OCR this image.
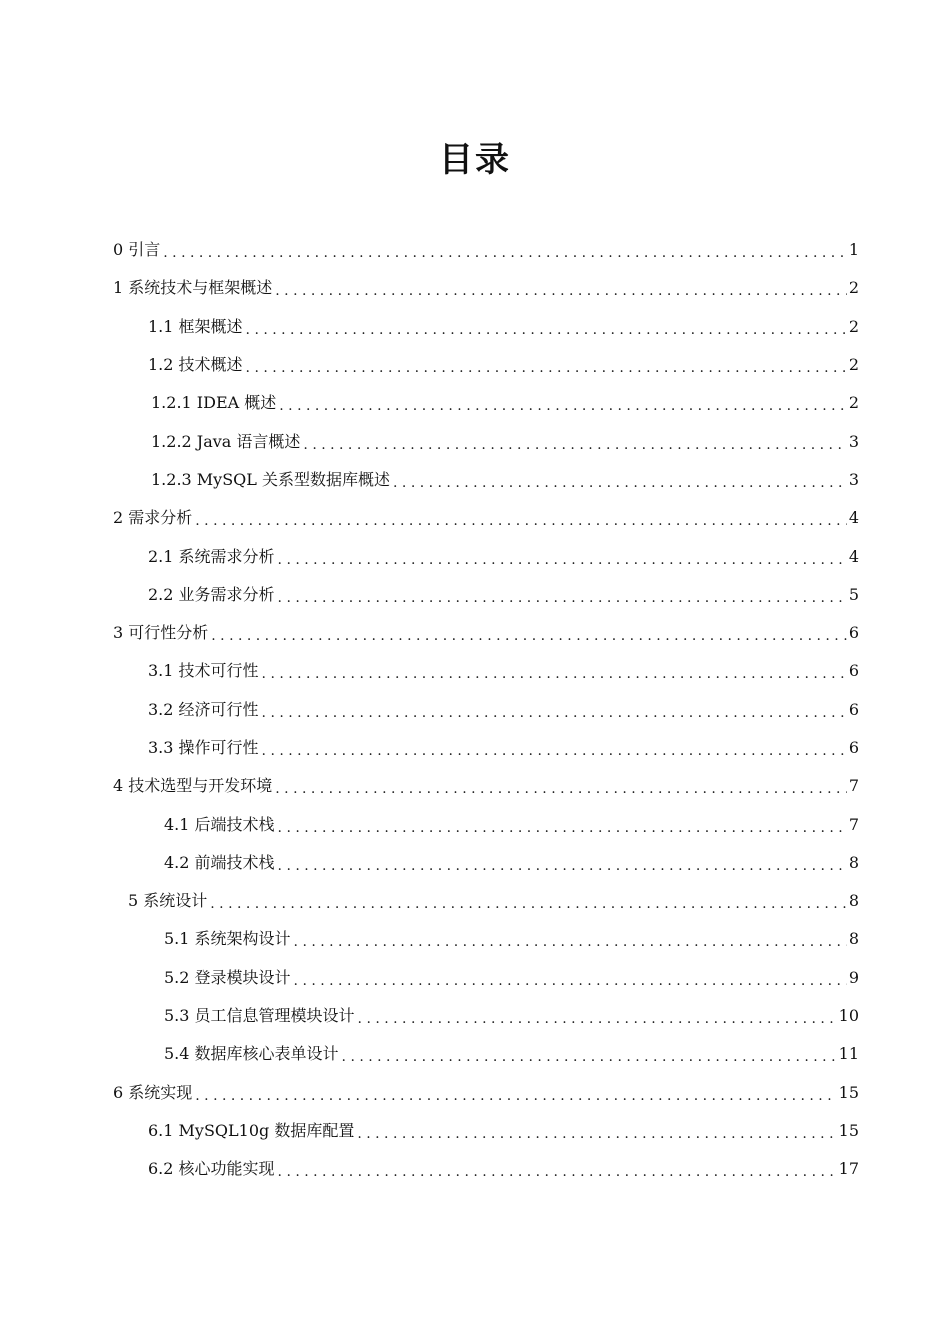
目录
0 引言 . . .	1
1 系统技术与框架概述 . . .	2
1.1 框架概述 . . .	2
1.2 技术概述 . . .	2
1.2.1 IDEA 概述 . . .	2
1.2.2 Java 语言概述 . . .	3
1.2.3 MySQL 关系型数据库概述 . . .	3
2 需求分析 . . .	4
2.1 系统需求分析 . . .	4
2.2 业务需求分析 . . .	5
3 可行性分析 . . .	6
3.1 技术可行性 . . .	6
3.2 经济可行性 . . .	6
3.3 操作可行性 . . .	6
4 技术选型与开发环境 . . .	7
4.1 后端技术栈 . . .	7
4.2 前端技术栈 . . .	8
5 系统设计 . . .	8
5.1 系统架构设计 . . .	8
5.2 登录模块设计 . . .	9
5.3 员工信息管理模块设计 . . .	10
5.4 数据库核心表单设计 . . .	11
6 系统实现 . . .	15
6.1 MySQL10g 数据库配置 . . .	15
6.2 核心功能实现 . . .	17
